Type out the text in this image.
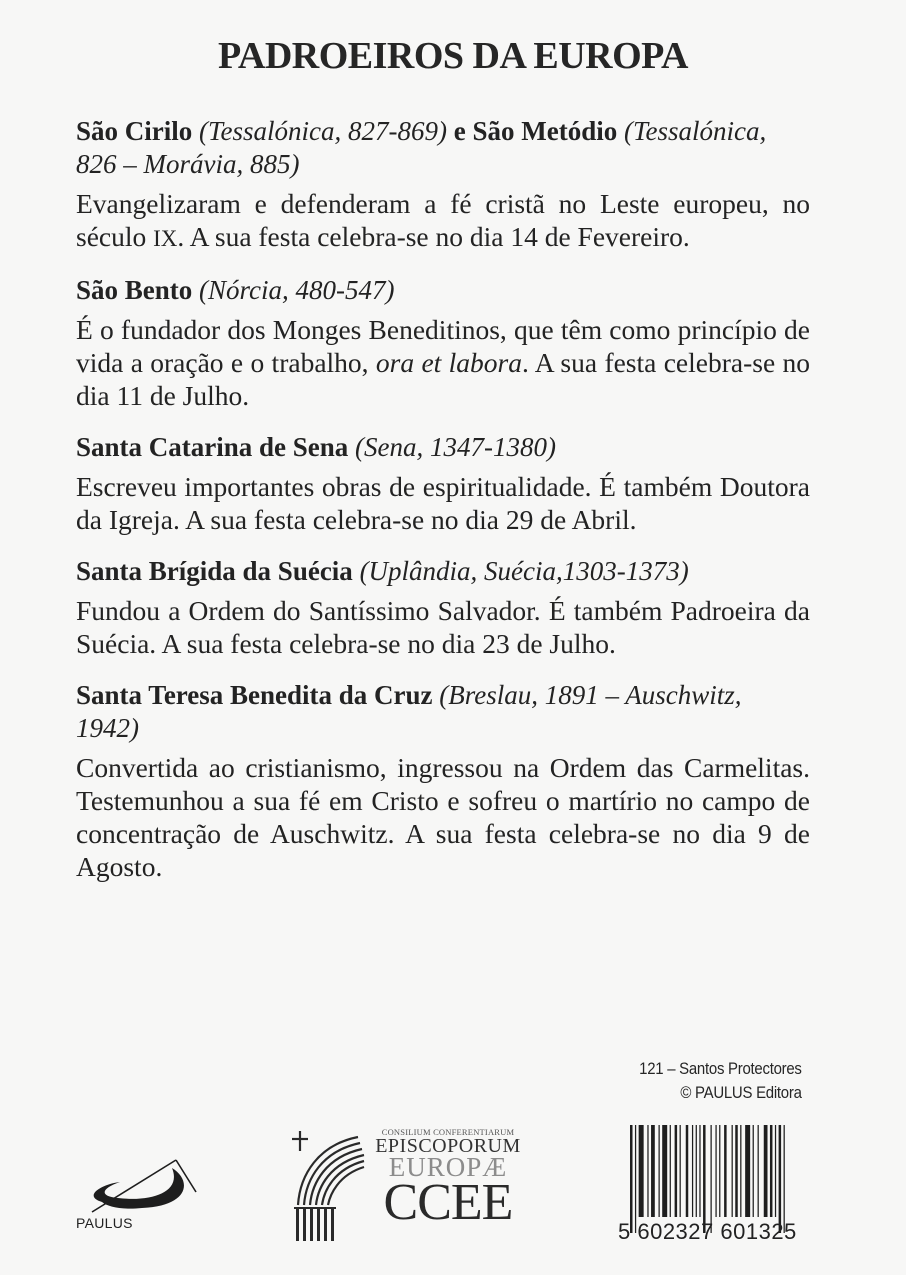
PADROEIROS DA EUROPA

São Cirilo (Tessalónica, 827-869) e São Metódio (Tessalónica, 826 – Morávia, 885)

Evangelizaram e defenderam a fé cristã no Leste europeu, no século IX. A sua festa celebra-se no dia 14 de Fevereiro.

São Bento (Nórcia, 480-547)

É o fundador dos Monges Beneditinos, que têm como princípio de vida a oração e o trabalho, ora et labora. A sua festa celebra-se no dia 11 de Julho.

Santa Catarina de Sena (Sena, 1347-1380)

Escreveu importantes obras de espiritualidade. É também Doutora da Igreja. A sua festa celebra-se no dia 29 de Abril.

Santa Brígida da Suécia (Uplândia, Suécia,1303-1373)

Fundou a Ordem do Santíssimo Salvador. É também Padroeira da Suécia. A sua festa celebra-se no dia 23 de Julho.

Santa Teresa Benedita da Cruz (Breslau, 1891 – Auschwitz, 1942)

Convertida ao cristianismo, ingressou na Ordem das Carmelitas. Testemunhou a sua fé em Cristo e sofreu o martírio no campo de concentração de Auschwitz. A sua festa celebra-se no dia 9 de Agosto.

121 – Santos Protectores
© PAULUS Editora
PAULUS
CONSILIUM CONFERENTIARUM
EPISCOPORUM
EUROPÆ
CCEE
5 602327 601325
